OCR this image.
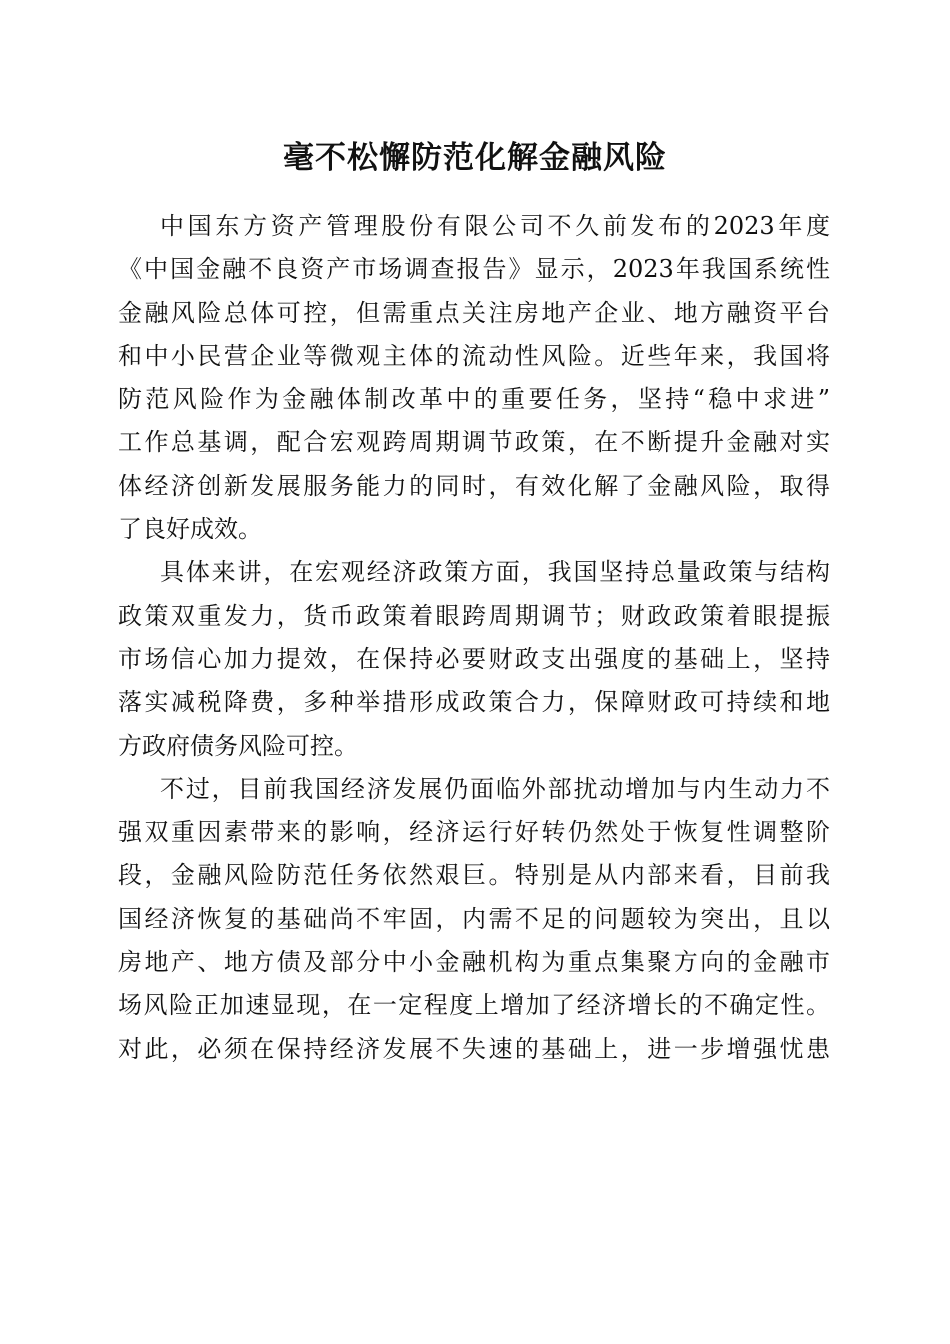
毫不松懈防范化解金融风险
中国东方资产管理股份有限公司不久前发布的2023年度
《中国金融不良资产市场调查报告》显示，2023年我国系统性
金融风险总体可控，但需重点关注房地产企业、地方融资平台
和中小民营企业等微观主体的流动性风险。近些年来，我国将
防范风险作为金融体制改革中的重要任务，坚持“稳中求进”
工作总基调，配合宏观跨周期调节政策，在不断提升金融对实
体经济创新发展服务能力的同时，有效化解了金融风险，取得
了良好成效。
具体来讲，在宏观经济政策方面，我国坚持总量政策与结构
政策双重发力，货币政策着眼跨周期调节；财政政策着眼提振
市场信心加力提效，在保持必要财政支出强度的基础上，坚持
落实减税降费，多种举措形成政策合力，保障财政可持续和地
方政府债务风险可控。
不过，目前我国经济发展仍面临外部扰动增加与内生动力不
强双重因素带来的影响，经济运行好转仍然处于恢复性调整阶
段，金融风险防范任务依然艰巨。特别是从内部来看，目前我
国经济恢复的基础尚不牢固，内需不足的问题较为突出，且以
房地产、地方债及部分中小金融机构为重点集聚方向的金融市
场风险正加速显现，在一定程度上增加了经济增长的不确定性。
对此，必须在保持经济发展不失速的基础上，进一步增强忧患
